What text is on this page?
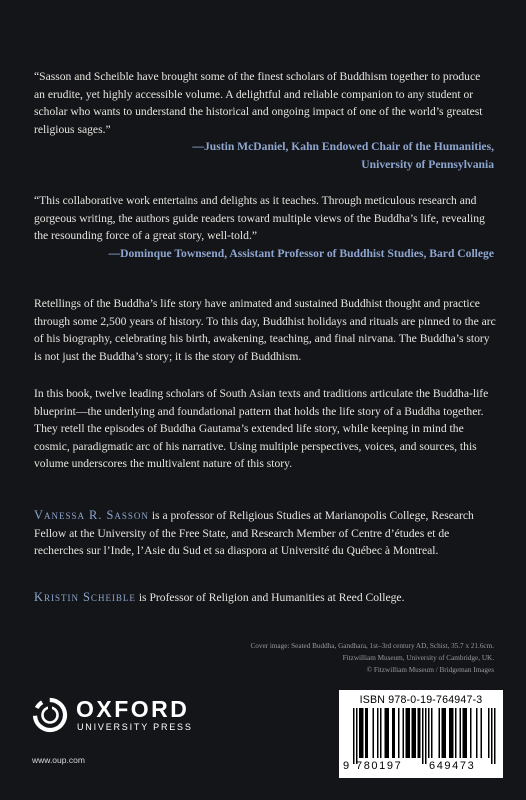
“Sasson and Scheible have brought some of the finest scholars of Buddhism together to produce an erudite, yet highly accessible volume. A delightful and reliable companion to any student or scholar who wants to understand the historical and ongoing impact of one of the world’s greatest religious sages.”

—Justin McDaniel, Kahn Endowed Chair of the Humanities,

University of Pennsylvania

“This collaborative work entertains and delights as it teaches. Through meticulous research and gorgeous writing, the authors guide readers toward multiple views of the Buddha’s life, revealing the resounding force of a great story, well-told.”

—Dominque Townsend, Assistant Professor of Buddhist Studies, Bard College

Retellings of the Buddha’s life story have animated and sustained Buddhist thought and practice through some 2,500 years of history. To this day, Buddhist holidays and rituals are pinned to the arc of his biography, celebrating his birth, awakening, teaching, and final nirvana. The Buddha’s story is not just the Buddha’s story; it is the story of Buddhism.

In this book, twelve leading scholars of South Asian texts and traditions articulate the Buddha-life blueprint—the underlying and foundational pattern that holds the life story of a Buddha together. They retell the episodes of Buddha Gautama’s extended life story, while keeping in mind the cosmic, paradigmatic arc of his narrative. Using multiple perspectives, voices, and sources, this volume underscores the multivalent nature of this story.

Vanessa R. Sasson is a professor of Religious Studies at Marianopolis College, Research Fellow at the University of the Free State, and Research Member of Centre d’études et de recherches sur l’Inde, l’Asie du Sud et sa diaspora at Université du Québec à Montreal.

Kristin Scheible is Professor of Religion and Humanities at Reed College.

Cover image: Seated Buddha, Gandhara, 1st–3rd century AD, Schist, 35.7 x 21.6cm.

Fitzwilliam Museum, University of Cambridge, UK.

© Fitzwilliam Museum / Bridgeman Images

OXFORD
UNIVERSITY PRESS
www.oup.com
ISBN 978-0-19-764947-3
9 780197 649473
